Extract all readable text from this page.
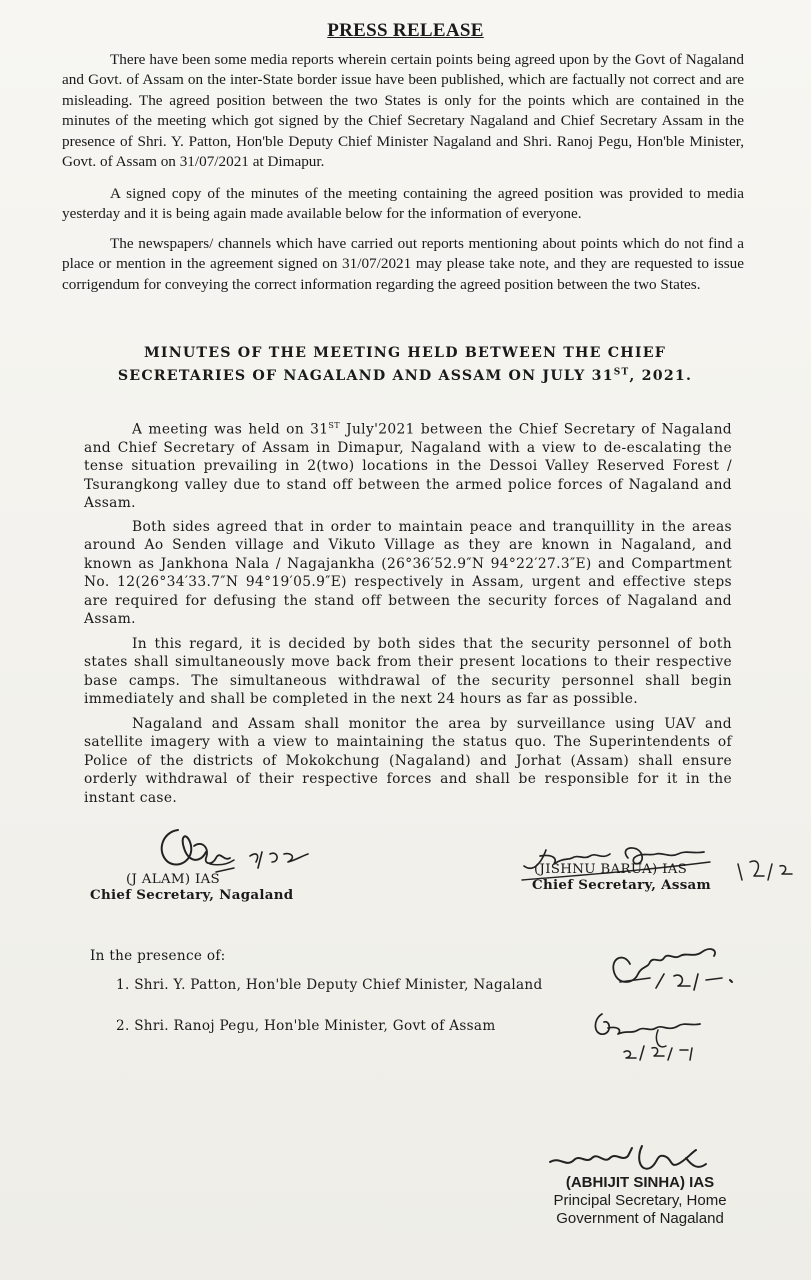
PRESS RELEASE
There have been some media reports wherein certain points being agreed upon by the Govt of Nagaland and Govt. of Assam on the inter-State border issue have been published, which are factually not correct and are misleading. The agreed position between the two States is only for the points which are contained in the minutes of the meeting which got signed by the Chief Secretary Nagaland and Chief Secretary Assam in the presence of Shri. Y. Patton, Hon'ble Deputy Chief Minister Nagaland and Shri. Ranoj Pegu, Hon'ble Minister, Govt. of Assam on 31/07/2021 at Dimapur.
A signed copy of the minutes of the meeting containing the agreed position was provided to media yesterday and it is being again made available below for the information of everyone.
The newspapers/ channels which have carried out reports mentioning about points which do not find a place or mention in the agreement signed on 31/07/2021 may please take note, and they are requested to issue corrigendum for conveying the correct information regarding the agreed position between the two States.
MINUTES OF THE MEETING HELD BETWEEN THE CHIEF
SECRETARIES OF NAGALAND AND ASSAM ON JULY 31ST, 2021.
A meeting was held on 31ST July'2021 between the Chief Secretary of Nagaland and Chief Secretary of Assam in Dimapur, Nagaland with a view to de-escalating the tense situation prevailing in 2(two) locations in the Dessoi Valley Reserved Forest / Tsurangkong valley due to stand off between the armed police forces of Nagaland and Assam.
Both sides agreed that in order to maintain peace and tranquillity in the areas around Ao Senden village and Vikuto Village as they are known in Nagaland, and known as Jankhona Nala / Nagajankha (26°36′52.9″N 94°22′27.3″E) and Compartment No. 12(26°34′33.7″N 94°19′05.9″E) respectively in Assam, urgent and effective steps are required for defusing the stand off between the security forces of Nagaland and Assam.
In this regard, it is decided by both sides that the security personnel of both states shall simultaneously move back from their present locations to their respective base camps. The simultaneous withdrawal of the security personnel shall begin immediately and shall be completed in the next 24 hours as far as possible.
Nagaland and Assam shall monitor the area by surveillance using UAV and satellite imagery with a view to maintaining the status quo. The Superintendents of Police of the districts of Mokokchung (Nagaland) and Jorhat (Assam) shall ensure orderly withdrawal of their respective forces and shall be responsible for it in the instant case.
(J ALAM) IAS
Chief Secretary, Nagaland
(JISHNU BARUA) IAS
Chief Secretary, Assam
In the presence of:
1. Shri. Y. Patton, Hon'ble Deputy Chief Minister, Nagaland
2. Shri. Ranoj Pegu, Hon'ble Minister, Govt of Assam
(ABHIJIT SINHA) IAS
Principal Secretary, Home
Government of Nagaland
